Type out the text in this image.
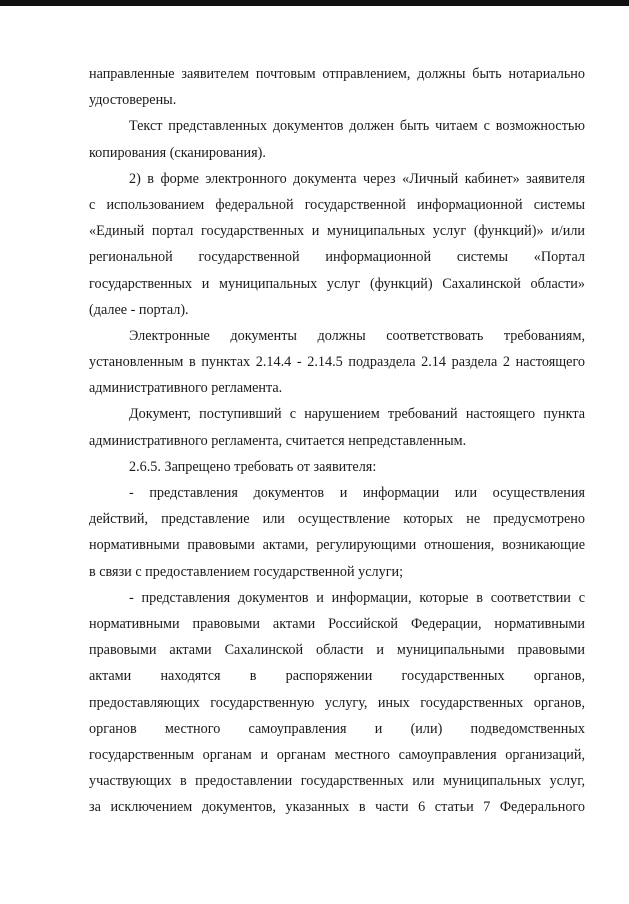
направленные заявителем почтовым отправлением, должны быть нотариально
удостоверены.
Текст представленных документов должен быть читаем с возможностью
копирования (сканирования).
2) в форме электронного документа через «Личный кабинет» заявителя
с использованием федеральной государственной информационной системы
«Единый портал государственных и муниципальных услуг (функций)» и/или
региональной государственной информационной системы «Портал
государственных и муниципальных услуг (функций) Сахалинской области»
(далее - портал).
Электронные документы должны соответствовать требованиям,
установленным в пунктах 2.14.4 - 2.14.5 подраздела 2.14 раздела 2 настоящего
административного регламента.
Документ, поступивший с нарушением требований настоящего пункта
административного регламента, считается непредставленным.
2.6.5. Запрещено требовать от заявителя:
- представления документов и информации или осуществления
действий, представление или осуществление которых не предусмотрено
нормативными правовыми актами, регулирующими отношения, возникающие
в связи с предоставлением государственной услуги;
- представления документов и информации, которые в соответствии с
нормативными правовыми актами Российской Федерации, нормативными
правовыми актами Сахалинской области и муниципальными правовыми
актами находятся в распоряжении государственных органов,
предоставляющих государственную услугу, иных государственных органов,
органов местного самоуправления и (или) подведомственных
государственным органам и органам местного самоуправления организаций,
участвующих в предоставлении государственных или муниципальных услуг,
за исключением документов, указанных в части 6 статьи 7 Федерального
